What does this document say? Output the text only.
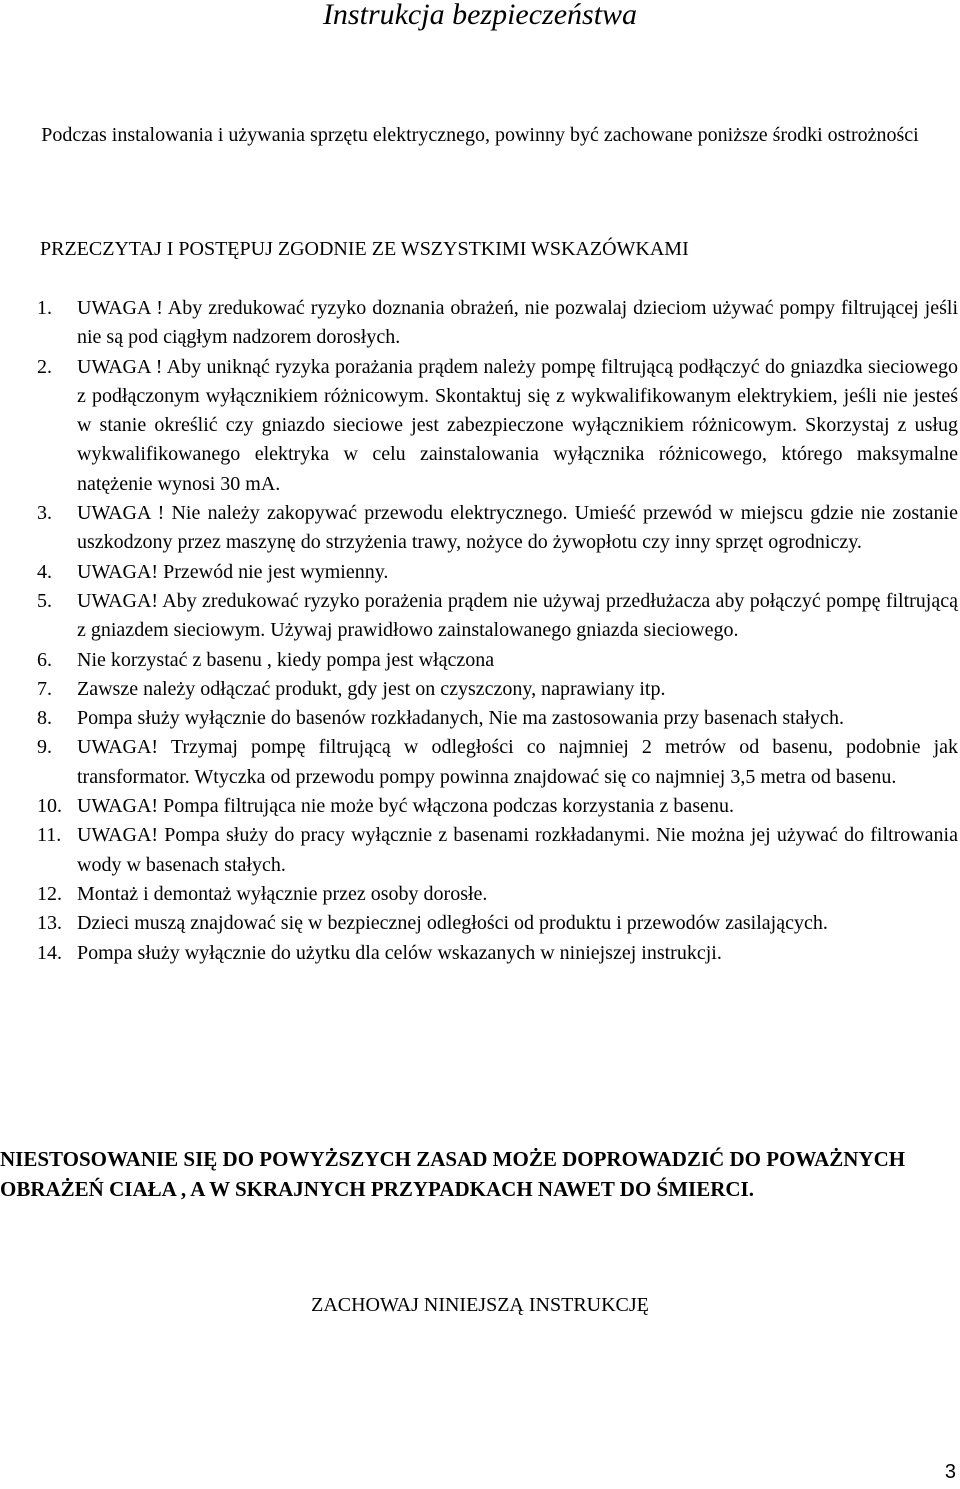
Instrukcja bezpieczeństwa

Podczas instalowania i używania sprzętu elektrycznego, powinny być zachowane poniższe środki ostrożności

PRZECZYTAJ I POSTĘPUJ ZGODNIE ZE WSZYSTKIMI WSKAZÓWKAMI
1.	UWAGA ! Aby zredukować ryzyko doznania obrażeń, nie pozwalaj dzieciom używać pompy filtrującej jeśli nie są pod ciągłym nadzorem dorosłych.

2.	UWAGA ! Aby uniknąć ryzyka porażania prądem należy pompę filtrującą podłączyć do gniazdka sieciowego z podłączonym wyłącznikiem różnicowym. Skontaktuj się z wykwalifikowanym elektrykiem, jeśli nie jesteś w stanie określić czy gniazdo sieciowe jest zabezpieczone wyłącznikiem różnicowym. Skorzystaj z usług wykwalifikowanego elektryka w celu zainstalowania wyłącznika różnicowego, którego maksymalne natężenie wynosi 30 mA.

3.	UWAGA ! Nie należy zakopywać przewodu elektrycznego. Umieść przewód w miejscu gdzie nie zostanie uszkodzony przez maszynę do strzyżenia trawy, nożyce do żywopłotu czy inny sprzęt ogrodniczy.

4.	UWAGA! Przewód nie jest wymienny.

5.	UWAGA! Aby zredukować ryzyko porażenia prądem nie używaj przedłużacza aby połączyć pompę filtrującą z gniazdem sieciowym. Używaj prawidłowo zainstalowanego gniazda sieciowego.

6.	Nie korzystać z basenu , kiedy pompa jest włączona

7.	Zawsze należy odłączać produkt, gdy jest on czyszczony, naprawiany itp.

8.	Pompa służy wyłącznie do basenów rozkładanych, Nie ma zastosowania przy basenach stałych.

9.	UWAGA! Trzymaj pompę filtrującą w odległości co najmniej 2 metrów od basenu, podobnie jak transformator. Wtyczka od przewodu pompy powinna znajdować się co najmniej 3,5 metra od basenu.

10. UWAGA! Pompa filtrująca nie może być włączona podczas korzystania z basenu.

11. UWAGA! Pompa służy do pracy wyłącznie z basenami rozkładanymi. Nie można jej używać do filtrowania wody w basenach stałych.

12. Montaż i demontaż wyłącznie przez osoby dorosłe.

13. Dzieci muszą znajdować się w bezpiecznej odległości od produktu i przewodów zasilających.

14. Pompa służy wyłącznie do użytku dla celów wskazanych w niniejszej instrukcji.

NIESTOSOWANIE SIĘ DO POWYŻSZYCH ZASAD MOŻE DOPROWADZIĆ DO POWAŻNYCH OBRAŻEŃ CIAŁA , A W SKRAJNYCH PRZYPADKACH NAWET DO ŚMIERCI.

ZACHOWAJ NINIEJSZĄ INSTRUKCJĘ

3
